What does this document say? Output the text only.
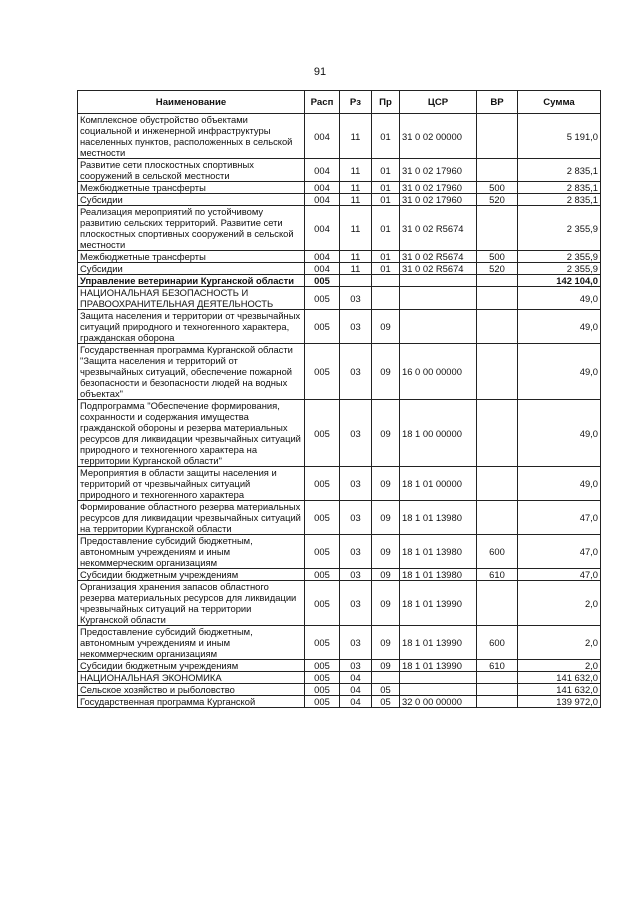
91
Наименование	Расп	Рз	Пр	ЦСР	ВР	Сумма
Комплексное обустройство объектами социальной и инженерной инфраструктуры населенных пунктов, расположенных в сельской местности	004	11	01	31 0 02 00000		5 191,0
Развитие сети плоскостных спортивных сооружений в сельской местности	004	11	01	31 0 02 17960		2 835,1
Межбюджетные трансферты	004	11	01	31 0 02 17960	500	2 835,1
Субсидии	004	11	01	31 0 02 17960	520	2 835,1
Реализация мероприятий по устойчивому развитию сельских территорий. Развитие сети плоскостных спортивных сооружений в сельской местности	004	11	01	31 0 02 R5674		2 355,9
Межбюджетные трансферты	004	11	01	31 0 02 R5674	500	2 355,9
Субсидии	004	11	01	31 0 02 R5674	520	2 355,9
Управление ветеринарии Курганской области	005					142 104,0
НАЦИОНАЛЬНАЯ БЕЗОПАСНОСТЬ И ПРАВООХРАНИТЕЛЬНАЯ ДЕЯТЕЛЬНОСТЬ	005	03				49,0
Защита населения и территории от чрезвычайных ситуаций природного и техногенного характера, гражданская оборона	005	03	09			49,0
Государственная программа Курганской области "Защита населения и территорий от чрезвычайных ситуаций, обеспечение пожарной безопасности и безопасности людей на водных объектах"	005	03	09	16 0 00 00000		49,0
Подпрограмма "Обеспечение формирования, сохранности и содержания имущества гражданской обороны и резерва материальных ресурсов для ликвидации чрезвычайных ситуаций природного и техногенного характера на территории Курганской области"	005	03	09	18 1 00 00000		49,0
Мероприятия в области защиты населения и территорий от чрезвычайных ситуаций природного и техногенного характера	005	03	09	18 1 01 00000		49,0
Формирование областного резерва материальных ресурсов для ликвидации чрезвычайных ситуаций на территории Курганской области	005	03	09	18 1 01 13980		47,0
Предоставление субсидий бюджетным, автономным учреждениям и иным некоммерческим организациям	005	03	09	18 1 01 13980	600	47,0
Субсидии бюджетным учреждениям	005	03	09	18 1 01 13980	610	47,0
Организация хранения запасов областного резерва материальных ресурсов для ликвидации чрезвычайных ситуаций на территории Курганской области	005	03	09	18 1 01 13990		2,0
Предоставление субсидий бюджетным, автономным учреждениям и иным некоммерческим организациям	005	03	09	18 1 01 13990	600	2,0
Субсидии бюджетным учреждениям	005	03	09	18 1 01 13990	610	2,0
НАЦИОНАЛЬНАЯ ЭКОНОМИКА	005	04				141 632,0
Сельское хозяйство и рыболовство	005	04	05			141 632,0
Государственная программа Курганской	005	04	05	32 0 00 00000		139 972,0
